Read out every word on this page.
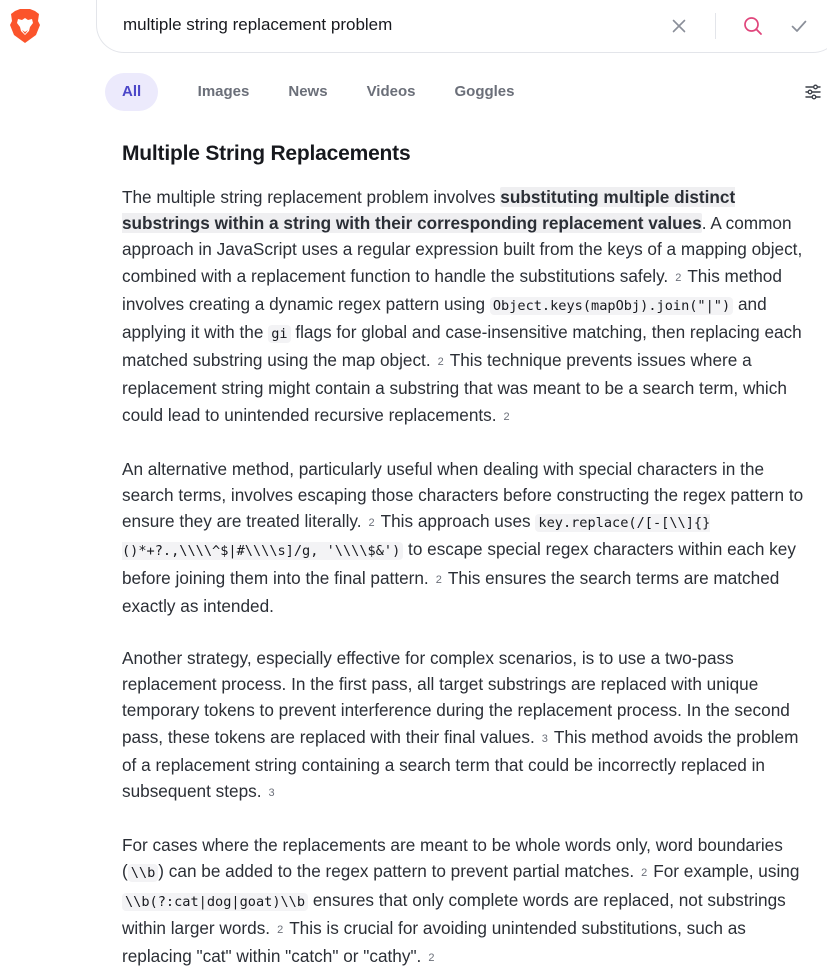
multiple string replacement problem
All	Images	News	Videos	Goggles
Multiple String Replacements

The multiple string replacement problem involves substituting multiple distinct substrings within a string with their corresponding replacement values. A common approach in JavaScript uses a regular expression built from the keys of a mapping object, combined with a replacement function to handle the substitutions safely. 2 This method involves creating a dynamic regex pattern using Object.keys(mapObj).join("|") and applying it with the gi flags for global and case-insensitive matching, then replacing each matched substring using the map object. 2 This technique prevents issues where a replacement string might contain a substring that was meant to be a search term, which could lead to unintended recursive replacements. 2

An alternative method, particularly useful when dealing with special characters in the search terms, involves escaping those characters before constructing the regex pattern to ensure they are treated literally. 2 This approach uses key.replace(/[-[\\]{}()*+?.,\\\\^$|#\\\\s]/g, '\\\\$&') to escape special regex characters within each key before joining them into the final pattern. 2 This ensures the search terms are matched exactly as intended.

Another strategy, especially effective for complex scenarios, is to use a two-pass replacement process. In the first pass, all target substrings are replaced with unique temporary tokens to prevent interference during the replacement process. In the second pass, these tokens are replaced with their final values. 3 This method avoids the problem of a replacement string containing a search term that could be incorrectly replaced in subsequent steps. 3

For cases where the replacements are meant to be whole words only, word boundaries ( \\b ) can be added to the regex pattern to prevent partial matches. 2 For example, using \\b(?:cat|dog|goat)\\b ensures that only complete words are replaced, not substrings within larger words. 2 This is crucial for avoiding unintended substitutions, such as replacing "cat" within "catch" or "cathy". 2
